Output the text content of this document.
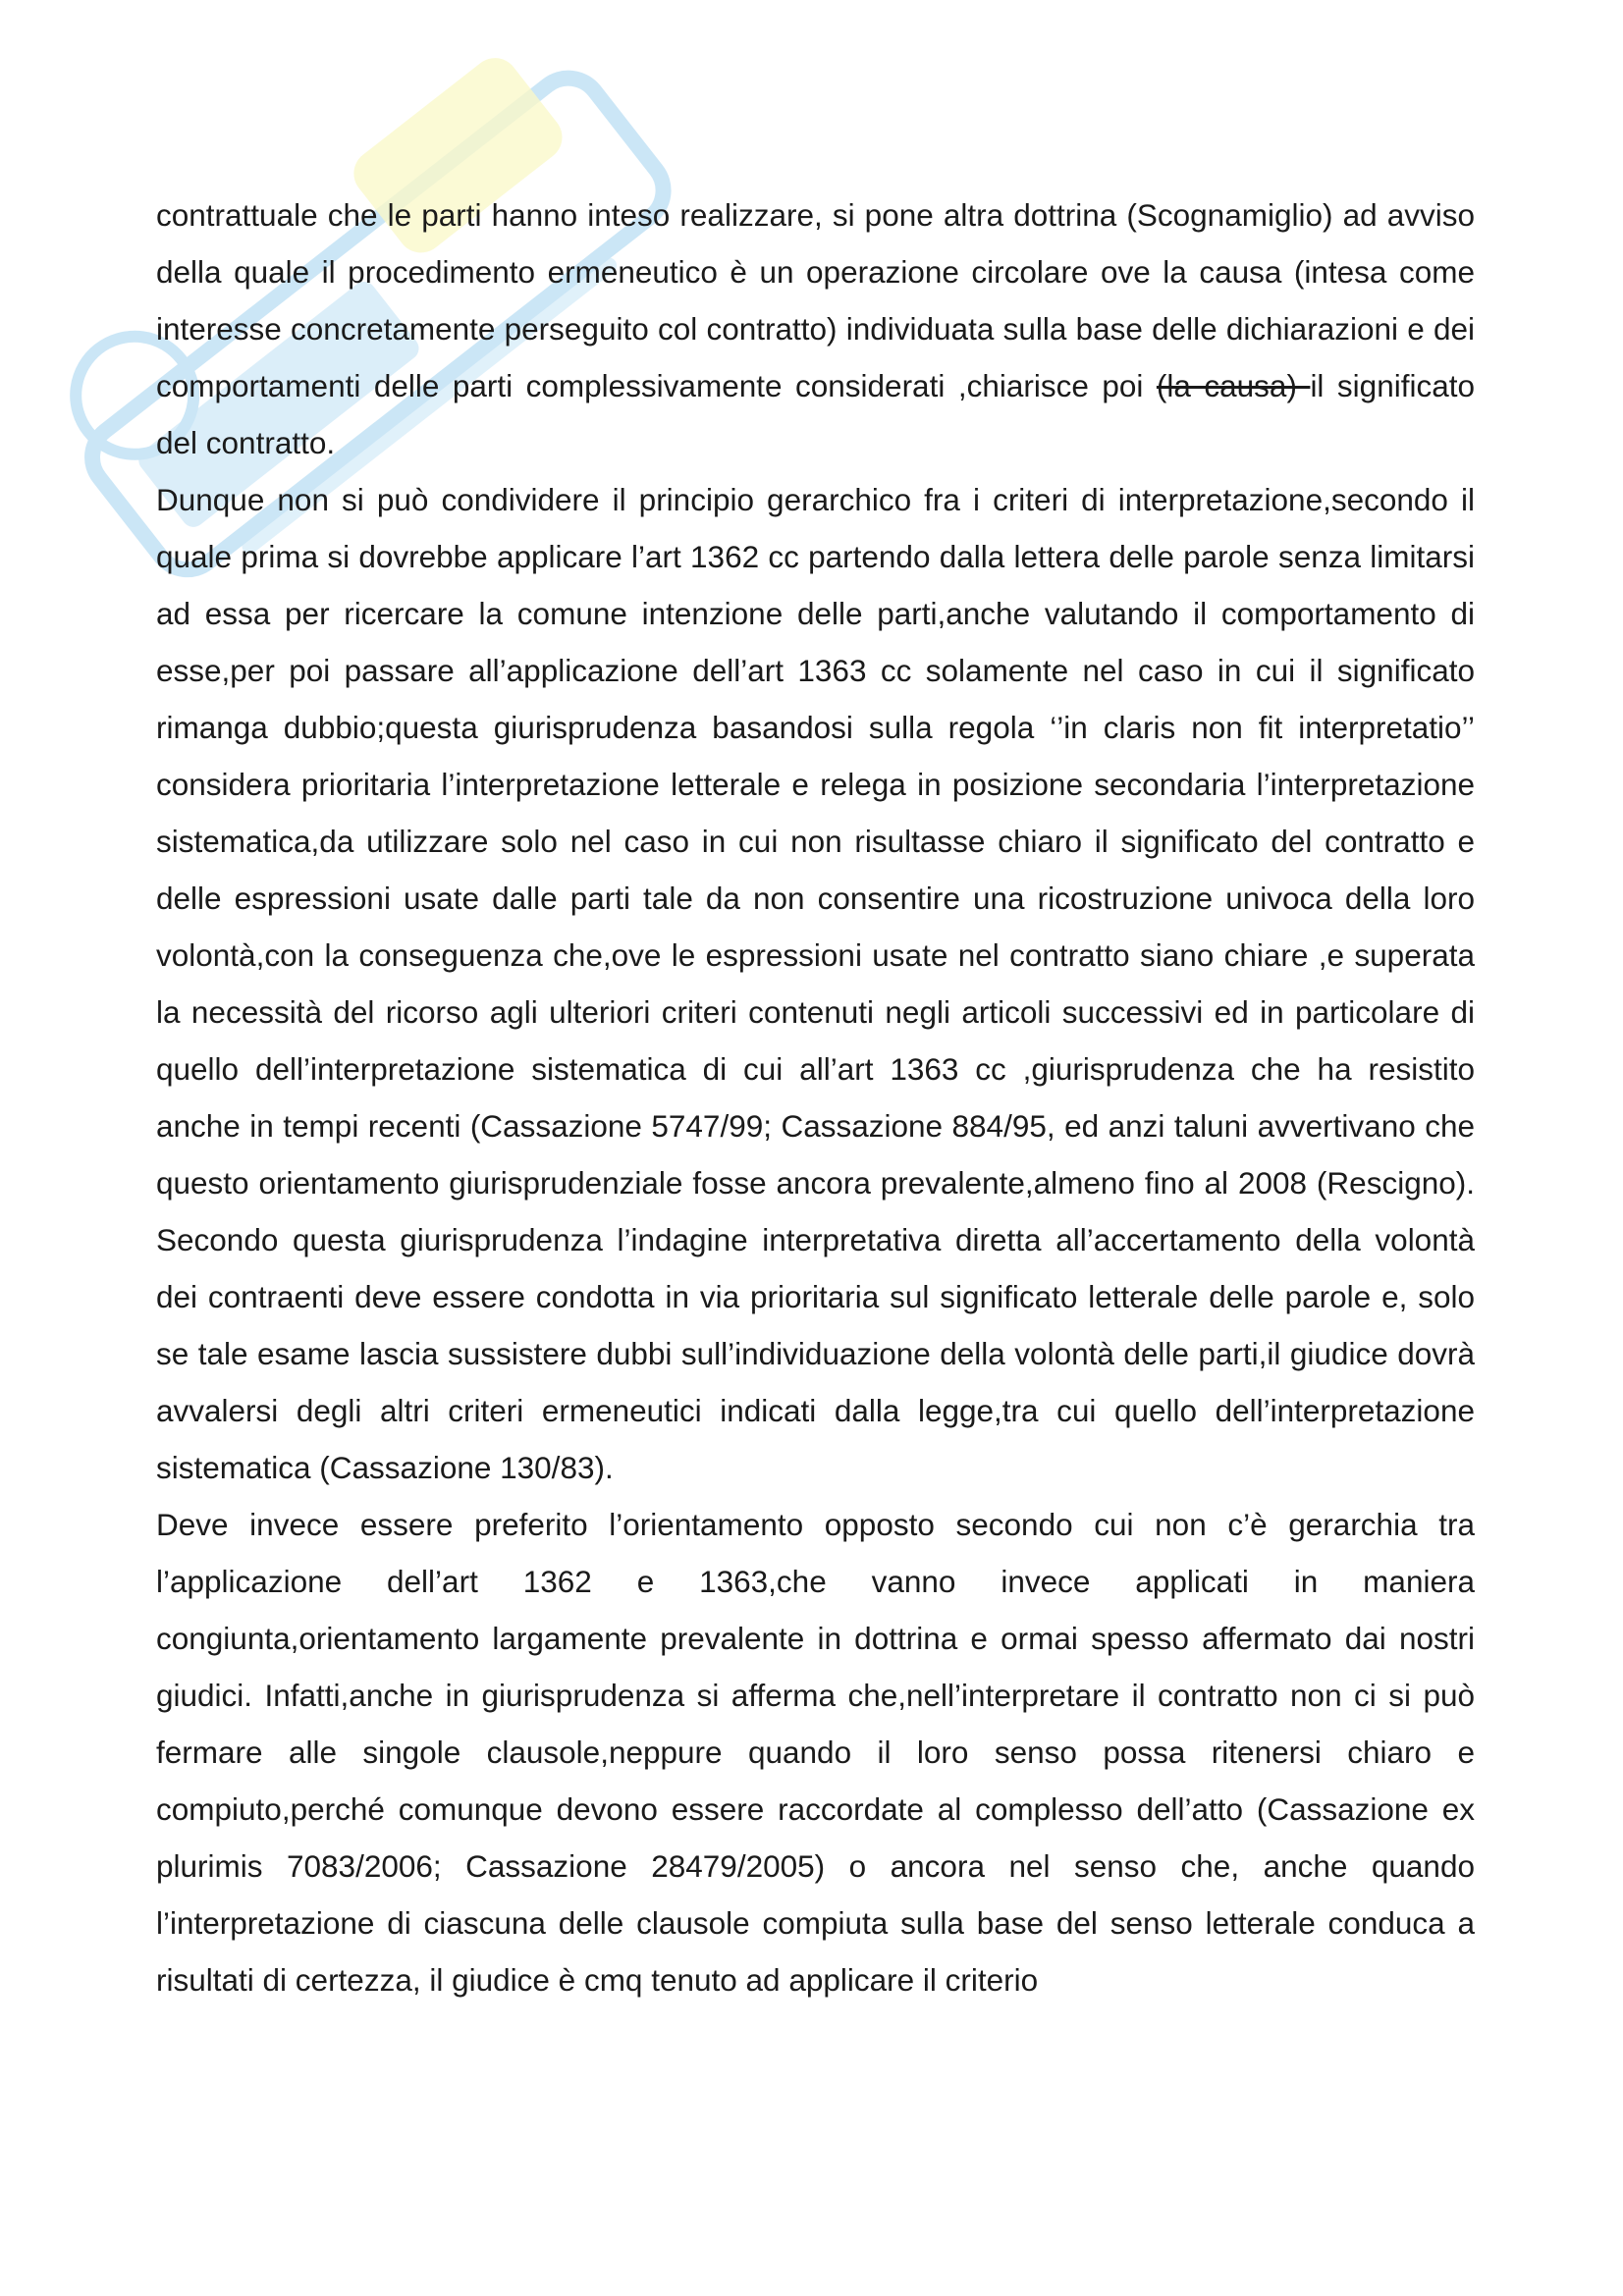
contrattuale che le parti hanno inteso realizzare, si pone altra dottrina (Scognamiglio) ad avviso della quale il procedimento ermeneutico è un operazione circolare ove la causa (intesa come interesse concretamente perseguito col contratto) individuata sulla base delle dichiarazioni e dei comportamenti delle parti complessivamente considerati ,chiarisce poi (la causa) il significato del contratto.

Dunque non si può condividere il principio gerarchico fra i criteri di interpretazione,secondo il quale prima si dovrebbe applicare l’art 1362 cc partendo dalla lettera delle parole senza limitarsi ad essa per ricercare la comune intenzione delle parti,anche valutando il comportamento di esse,per poi passare all’applicazione dell’art 1363 cc solamente nel caso in cui il significato rimanga dubbio;questa giurisprudenza basandosi sulla regola ‘’in claris non fit interpretatio’’ considera prioritaria l’interpretazione letterale e relega in posizione secondaria l’interpretazione sistematica,da utilizzare solo nel caso in cui non risultasse chiaro il significato del contratto e delle espressioni usate dalle parti tale da non consentire una ricostruzione univoca della loro volontà,con la conseguenza che,ove le espressioni usate nel contratto siano chiare ,e superata la necessità del ricorso agli ulteriori criteri contenuti negli articoli successivi ed in particolare di quello dell’interpretazione sistematica di cui all’art 1363 cc ,giurisprudenza che ha resistito anche in tempi recenti (Cassazione 5747/99; Cassazione 884/95, ed anzi taluni avvertivano che questo orientamento giurisprudenziale fosse ancora prevalente,almeno fino al 2008 (Rescigno). Secondo questa giurisprudenza l’indagine interpretativa diretta all’accertamento della volontà dei contraenti deve essere condotta in via prioritaria sul significato letterale delle parole e, solo se tale esame lascia sussistere dubbi sull’individuazione della volontà delle parti,il giudice dovrà avvalersi degli altri criteri ermeneutici indicati dalla legge,tra cui quello dell’interpretazione sistematica (Cassazione 130/83).

Deve invece essere preferito l’orientamento opposto secondo cui non c’è gerarchia tra l’applicazione dell’art 1362 e 1363,che vanno invece applicati in maniera congiunta,orientamento largamente prevalente in dottrina e ormai spesso affermato dai nostri giudici. Infatti,anche in giurisprudenza si afferma che,nell’interpretare il contratto non ci si può fermare alle singole clausole,neppure quando il loro senso possa ritenersi chiaro e compiuto,perché comunque devono essere raccordate al complesso dell’atto (Cassazione ex plurimis 7083/2006; Cassazione 28479/2005) o ancora nel senso che, anche quando l’interpretazione di ciascuna delle clausole compiuta sulla base del senso letterale conduca a risultati di certezza, il giudice è cmq tenuto ad applicare il criterio
